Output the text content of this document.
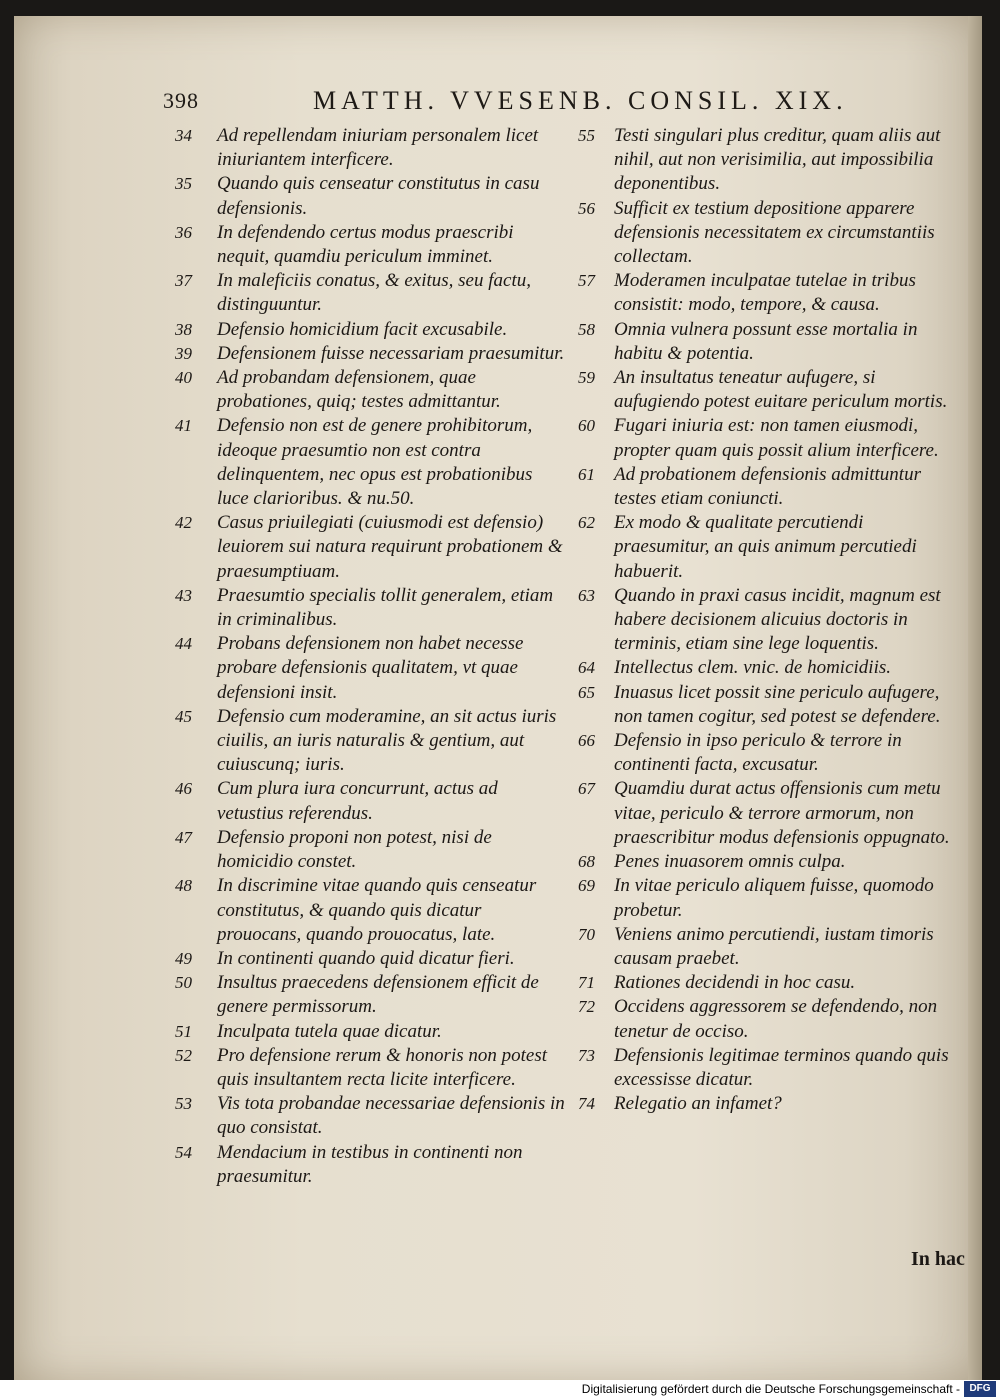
398	MATTH. VVESENB. CONSIL. XIX.

34	Ad repellendam iniuriam personalem licet iniuriantem interficere.

35	Quando quis censeatur constitutus in casu defensionis.

36	In defendendo certus modus praescribi nequit, quamdiu periculum imminet.

37	In maleficiis conatus, & exitus, seu factu, distinguuntur.

38	Defensio homicidium facit excusabile.

39	Defensionem fuisse necessariam praesumitur.

40	Ad probandam defensionem, quae probationes, quiq; testes admittantur.

41	Defensio non est de genere prohibitorum, ideoque praesumtio non est contra delinquentem, nec opus est probationibus luce clarioribus. & nu.50.

42	Casus priuilegiati (cuiusmodi est defensio) leuiorem sui natura requirunt probationem & praesumptiuam.

43	Praesumtio specialis tollit generalem, etiam in criminalibus.

44	Probans defensionem non habet necesse probare defensionis qualitatem, vt quae defensioni insit.

45	Defensio cum moderamine, an sit actus iuris ciuilis, an iuris naturalis & gentium, aut cuiuscunq; iuris.

46	Cum plura iura concurrunt, actus ad vetustius referendus.

47	Defensio proponi non potest, nisi de homicidio constet.

48	In discrimine vitae quando quis censeatur constitutus, & quando quis dicatur prouocans, quando prouocatus, late.

49	In continenti quando quid dicatur fieri.

50	Insultus praecedens defensionem efficit de genere permissorum.

51	Inculpata tutela quae dicatur.

52	Pro defensione rerum & honoris non potest quis insultantem recta licite interficere.

53	Vis tota probandae necessariae defensionis in quo consistat.

54	Mendacium in testibus in continenti non praesumitur.

55	Testi singulari plus creditur, quam aliis aut nihil, aut non verisimilia, aut impossibilia deponentibus.

56	Sufficit ex testium depositione apparere defensionis necessitatem ex circumstantiis collectam.

57	Moderamen inculpatae tutelae in tribus consistit: modo, tempore, & causa.

58	Omnia vulnera possunt esse mortalia in habitu & potentia.

59	An insultatus teneatur aufugere, si aufugiendo potest euitare periculum mortis.

60	Fugari iniuria est: non tamen eiusmodi, propter quam quis possit alium interficere.

61	Ad probationem defensionis admittuntur testes etiam coniuncti.

62	Ex modo & qualitate percutiendi praesumitur, an quis animum percutiedi habuerit.

63	Quando in praxi casus incidit, magnum est habere decisionem alicuius doctoris in terminis, etiam sine lege loquentis.

64	Intellectus clem. vnic. de homicidiis.

65	Inuasus licet possit sine periculo aufugere, non tamen cogitur, sed potest se defendere.

66	Defensio in ipso periculo & terrore in continenti facta, excusatur.

67	Quamdiu durat actus offensionis cum metu vitae, periculo & terrore armorum, non praescribitur modus defensionis oppugnato.

68	Penes inuasorem omnis culpa.

69	In vitae periculo aliquem fuisse, quomodo probetur.

70	Veniens animo percutiendi, iustam timoris causam praebet.

71	Rationes decidendi in hoc casu.

72	Occidens aggressorem se defendendo, non tenetur de occiso.

73	Defensionis legitimae terminos quando quis excessisse dicatur.

74	Relegatio an infamet?

In hac
Digitalisierung gefördert durch die Deutsche Forschungsgemeinschaft - DFG
